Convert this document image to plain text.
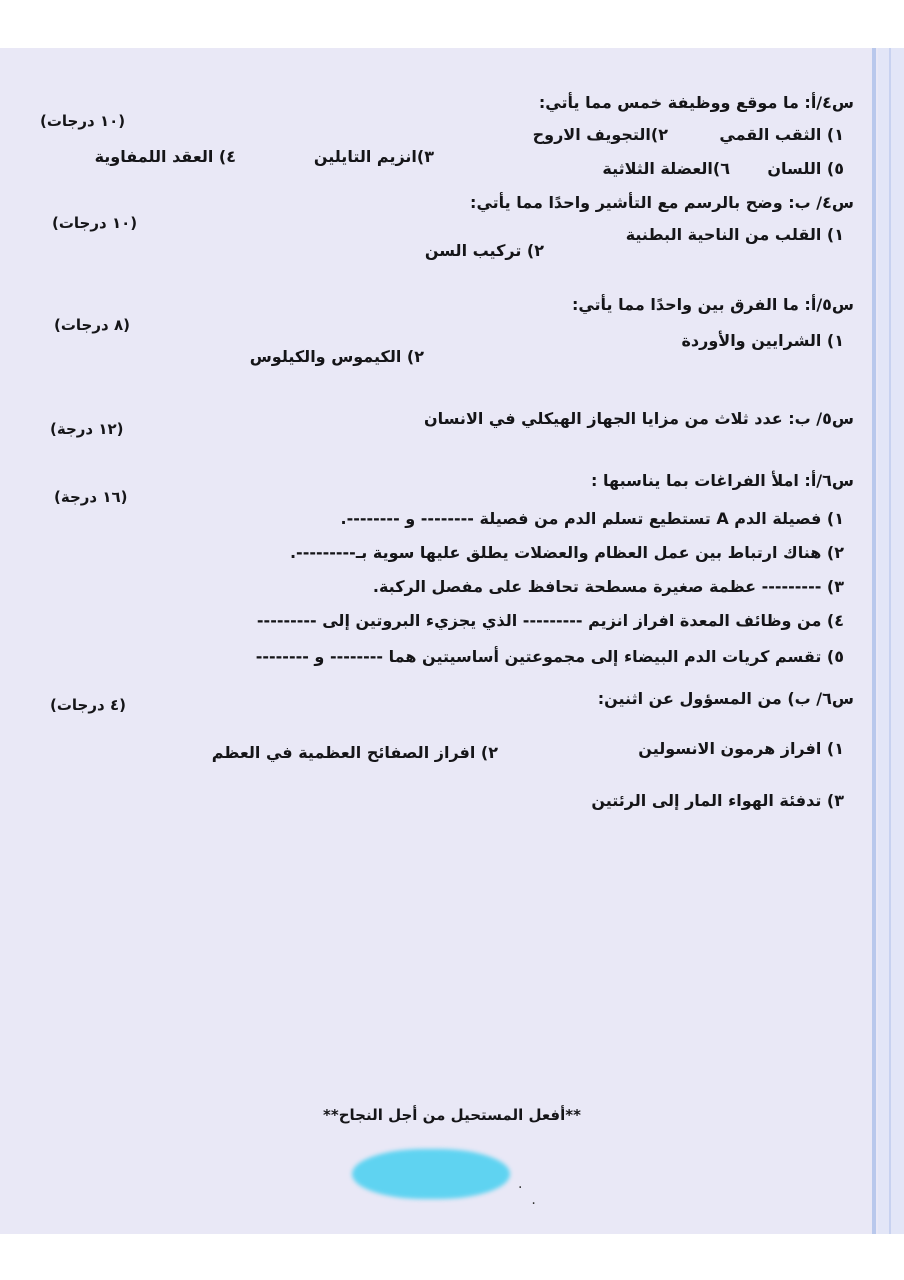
س٤/أ: ما موقع ووظيفة خمس مما يأتي:
(١٠ درجات)
١) الثقب القمي
٢)التجويف الاروح
٣)انزيم التايلين
٤) العقد اللمفاوية
٥) اللسان
٦)العضلة الثلاثية
س٤/ ب: وضح بالرسم مع التأشير واحدًا مما يأتي:
(١٠ درجات)
١) القلب من الناحية البطنية
٢) تركيب السن
س٥/أ: ما الفرق بين واحدًا مما يأتي:
(٨ درجات)
١) الشرايين والأوردة
٢) الكيموس والكيلوس
س٥/ ب: عدد ثلاث من مزايا الجهاز الهيكلي في الانسان
(١٢ درجة)
س٦/أ: املأ الفراغات بما يناسبها :
(١٦ درجة)
١) فصيلة الدم A تستطيع تسلم الدم من فصيلة -------- و --------.
٢) هناك ارتباط بين عمل العظام والعضلات يطلق عليها سوية بـ---------.
٣) --------- عظمة صغيرة مسطحة تحافظ على مفصل الركبة.
٤) من وظائف المعدة افراز انزيم --------- الذي يجزيء البروتين إلى ---------
٥) تقسم كريات الدم البيضاء إلى مجموعتين أساسيتين هما -------- و --------
س٦/ ب) من المسؤول عن اثنين:
(٤ درجات)
١) افراز هرمون الانسولين
٢) افراز الصفائح العظمية في العظم
٣) تدفئة الهواء المار إلى الرئتين
**أفعل المستحيل من أجل النجاح**
.
.
